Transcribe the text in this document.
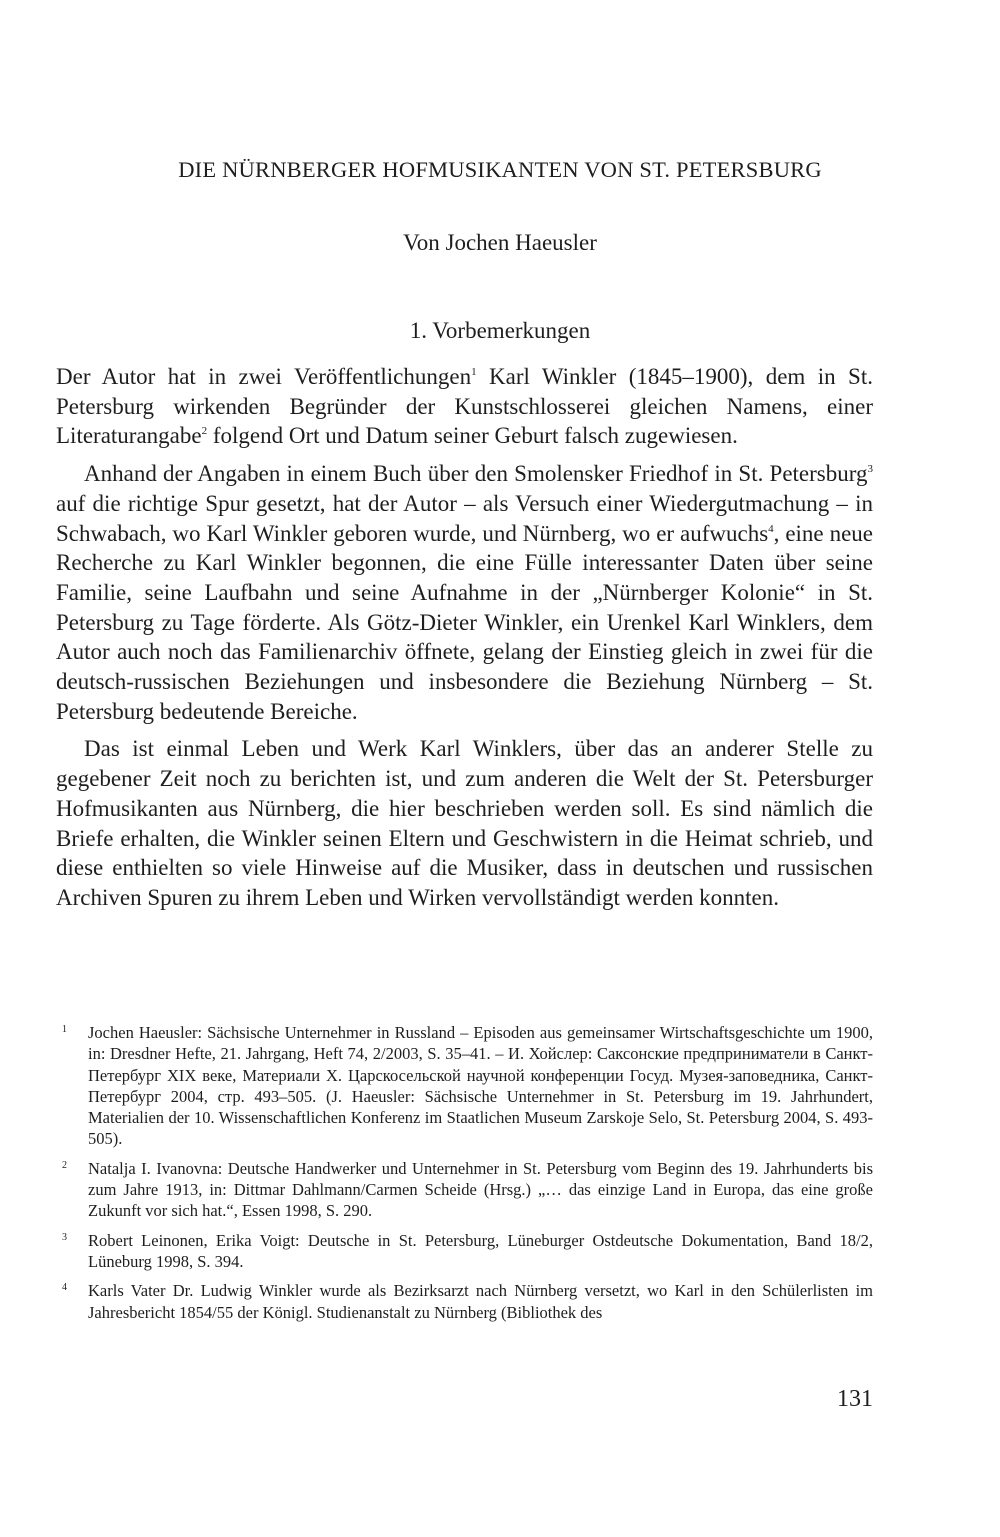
DIE NÜRNBERGER HOFMUSIKANTEN VON ST. PETERSBURG
Von Jochen Haeusler
1. Vorbemerkungen

Der Autor hat in zwei Veröffentlichungen$^1$ Karl Winkler (1845–1900), dem in St. Petersburg wirkenden Begründer der Kunstschlosserei gleichen Namens, einer Literaturangabe$^2$ folgend Ort und Datum seiner Geburt falsch zugewiesen.

Anhand der Angaben in einem Buch über den Smolensker Friedhof in St. Petersburg$^3$ auf die richtige Spur gesetzt, hat der Autor – als Versuch einer Wiedergutmachung – in Schwabach, wo Karl Winkler geboren wurde, und Nürnberg, wo er aufwuchs$^4$, eine neue Recherche zu Karl Winkler begonnen, die eine Fülle interessanter Daten über seine Familie, seine Laufbahn und seine Aufnahme in der „Nürnberger Kolonie“ in St. Petersburg zu Tage förderte. Als Götz-Dieter Winkler, ein Urenkel Karl Winklers, dem Autor auch noch das Familienarchiv öffnete, gelang der Einstieg gleich in zwei für die deutsch-russischen Beziehungen und insbesondere die Beziehung Nürnberg – St. Petersburg bedeutende Bereiche.

Das ist einmal Leben und Werk Karl Winklers, über das an anderer Stelle zu gegebener Zeit noch zu berichten ist, und zum anderen die Welt der St. Petersburger Hofmusikanten aus Nürnberg, die hier beschrieben werden soll. Es sind nämlich die Briefe erhalten, die Winkler seinen Eltern und Geschwistern in die Heimat schrieb, und diese enthielten so viele Hinweise auf die Musiker, dass in deutschen und russischen Archiven Spuren zu ihrem Leben und Wirken vervollständigt werden konnten.

1 Jochen Haeusler: Sächsische Unternehmer in Russland – Episoden aus gemeinsamer Wirtschaftsgeschichte um 1900, in: Dresdner Hefte, 21. Jahrgang, Heft 74, 2/2003, S. 35–41. – И. Хойслер: Саксонские предприниматели в Санкт-Петербург XIX веке, Материали X. Царскосельской научной конференции Госуд. Музея-заповедника, Санкт-Петербург 2004, стр. 493–505. (J. Haeusler: Sächsische Unternehmer in St. Petersburg im 19. Jahrhundert, Materialien der 10. Wissenschaftlichen Konferenz im Staatlichen Museum Zarskoje Selo, St. Petersburg 2004, S. 493-505).
2 Natalja I. Ivanovna: Deutsche Handwerker und Unternehmer in St. Petersburg vom Beginn des 19. Jahrhunderts bis zum Jahre 1913, in: Dittmar Dahlmann/Carmen Scheide (Hrsg.) „… das einzige Land in Europa, das eine große Zukunft vor sich hat.“, Essen 1998, S. 290.
3 Robert Leinonen, Erika Voigt: Deutsche in St. Petersburg, Lüneburger Ostdeutsche Dokumentation, Band 18/2, Lüneburg 1998, S. 394.
4 Karls Vater Dr. Ludwig Winkler wurde als Bezirksarzt nach Nürnberg versetzt, wo Karl in den Schülerlisten im Jahresbericht 1854/55 der Königl. Studienanstalt zu Nürnberg (Bibliothek des
131
